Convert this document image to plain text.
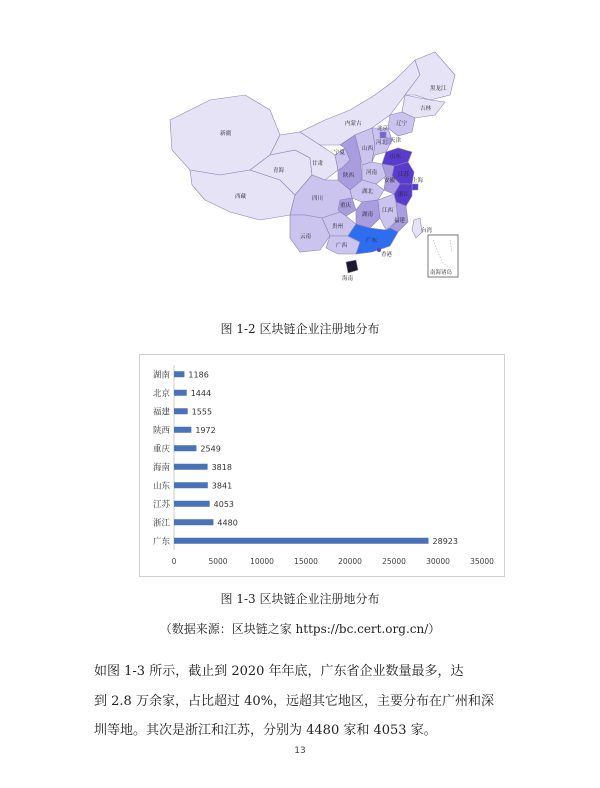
黑龙江
吉林
辽宁
内蒙古
新疆
西藏
青海
甘肃
宁夏
陕西
山西
北京
天津
河北
山东
河南	江苏
安徽
湖北
四川
重庆
浙江
上海
江西
湖南
贵州
云南
广西
广东
福建
台湾
香港
海南
南海诸岛
图 1-2 区块链企业注册地分布
湖南 1186
北京	1444
福建	1555
陕西	1972
重庆	2549
海南	3818
山东	3841
江苏	4053
浙江	4480
广东	28923
0	5000	10000	15000	20000	25000	30000	35000
图 1-3 区块链企业注册地分布
（数据来源：区块链之家 https://bc.cert.org.cn/）
如图 1-3 所示，截止到 2020 年年底，广东省企业数量最多，达
到 2.8 万余家，占比超过 40%，远超其它地区，主要分布在广州和深
圳等地。其次是浙江和江苏，分别为 4480 家和 4053 家。
13
